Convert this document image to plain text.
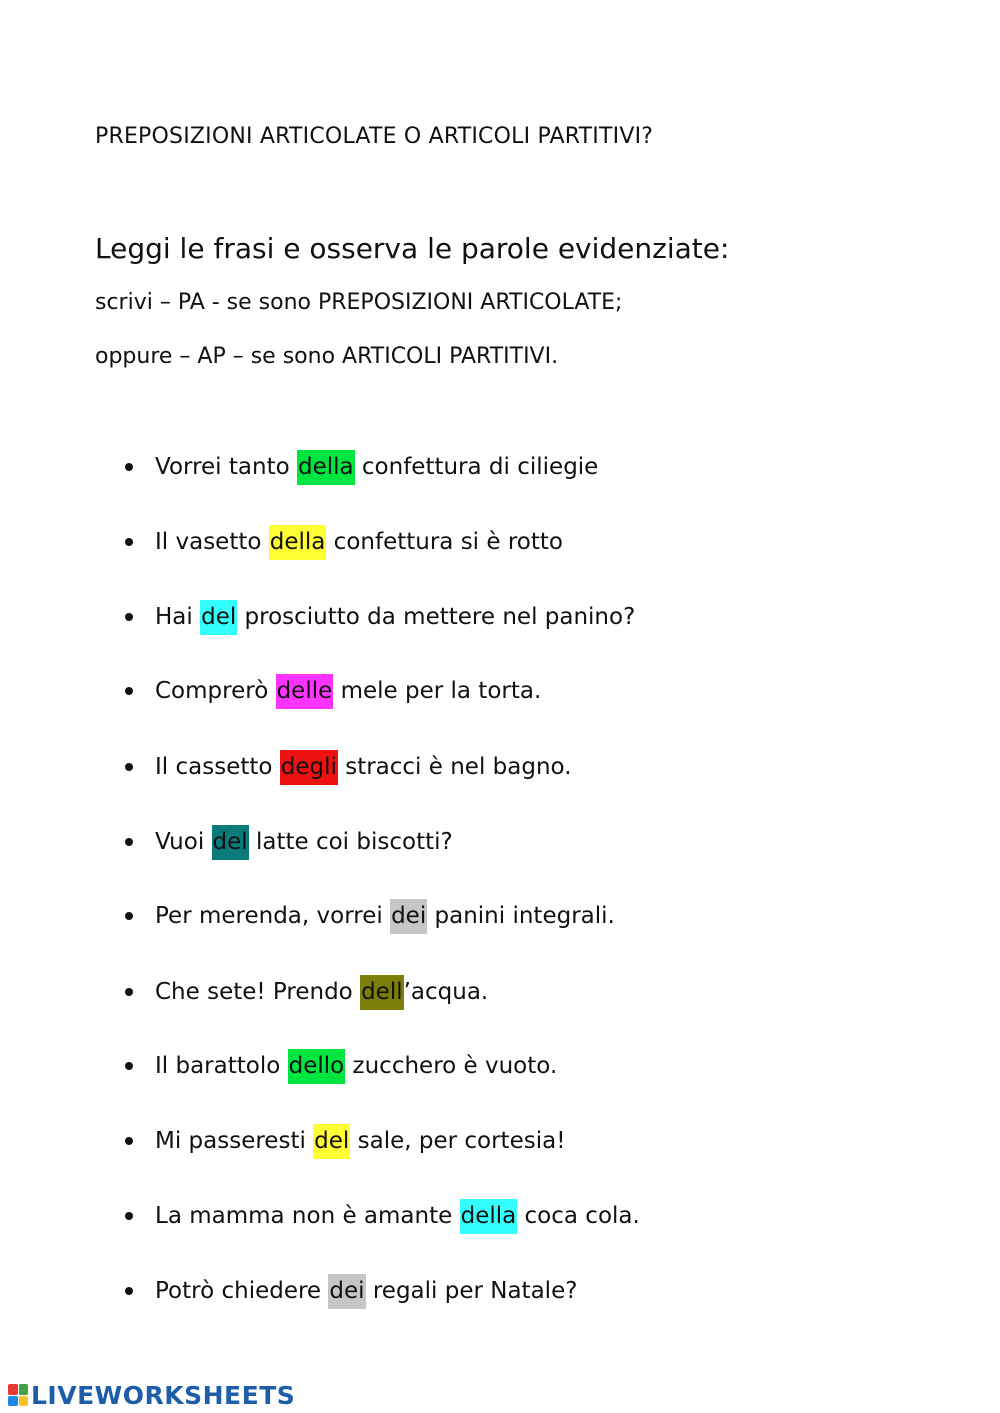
PREPOSIZIONI ARTICOLATE O ARTICOLI PARTITIVI?
Leggi le frasi e osserva le parole evidenziate:
scrivi – PA - se sono PREPOSIZIONI ARTICOLATE;
oppure – AP – se sono ARTICOLI PARTITIVI.
Vorrei tanto della confettura di ciliegie
Il vasetto della confettura si è rotto
Hai del prosciutto da mettere nel panino?
Comprerò delle mele per la torta.
Il cassetto degli stracci è nel bagno.
Vuoi del latte coi biscotti?
Per merenda, vorrei dei panini integrali.
Che sete! Prendo dell ’acqua.
Il barattolo dello zucchero è vuoto.
Mi passeresti del sale, per cortesia!
La mamma non è amante della coca cola.
Potrò chiedere dei regali per Natale?
LIVEWORKSHEETS
